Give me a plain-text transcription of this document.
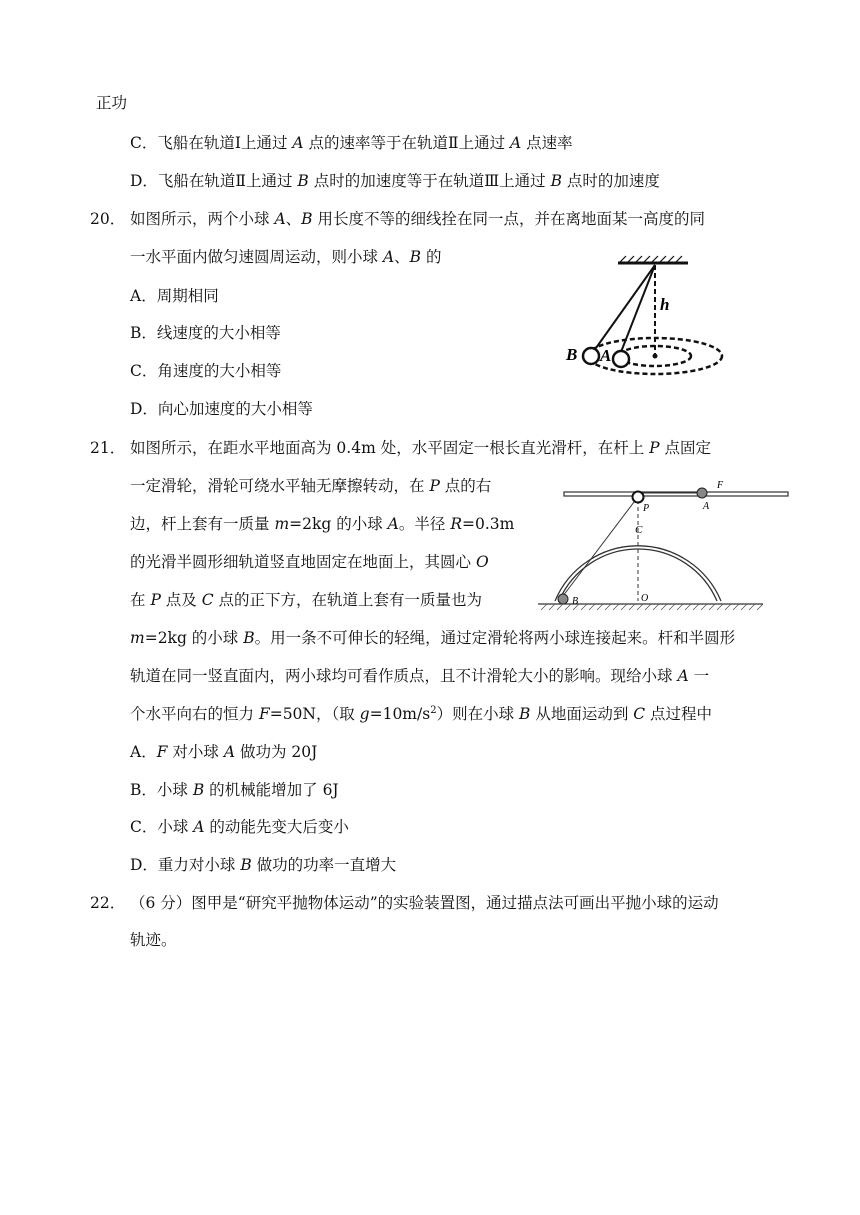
正功
C．飞船在轨道Ⅰ上通过 A 点的速率等于在轨道Ⅱ上通过 A 点速率
D．飞船在轨道Ⅱ上通过 B 点时的加速度等于在轨道Ⅲ上通过 B 点时的加速度
20． 如图所示，两个小球 A、B 用长度不等的细线拴在同一点，并在离地面某一高度的同
一水平面内做匀速圆周运动，则小球 A、B 的
A．周期相同
B．线速度的大小相等
C．角速度的大小相等
D．向心加速度的大小相等
h
B A
21． 如图所示，在距水平地面高为 0.4m 处，水平固定一根长直光滑杆，在杆上 P 点固定
一定滑轮，滑轮可绕水平轴无摩擦转动，在 P 点的右
边，杆上套有一质量 m=2kg 的小球 A。半径 R=0.3m
的光滑半圆形细轨道竖直地固定在地面上，其圆心 O
在 P 点及 C 点的正下方，在轨道上套有一质量也为
m=2kg 的小球 B。用一条不可伸长的轻绳，通过定滑轮将两小球连接起来。杆和半圆形
轨道在同一竖直面内，两小球均可看作质点，且不计滑轮大小的影响。现给小球 A 一
个水平向右的恒力 F=50N，（取 $g=10m/s^2$）则在小球 B 从地面运动到 C 点过程中
A．F 对小球 A 做功为 20J
B．小球 B 的机械能增加了 6J
C．小球 A 的动能先变大后变小
D．重力对小球 B 做功的功率一直增大
P
F
A
C
B	O
22． （6 分）图甲是“研究平抛物体运动”的实验装置图，通过描点法可画出平抛小球的运动
轨迹。
